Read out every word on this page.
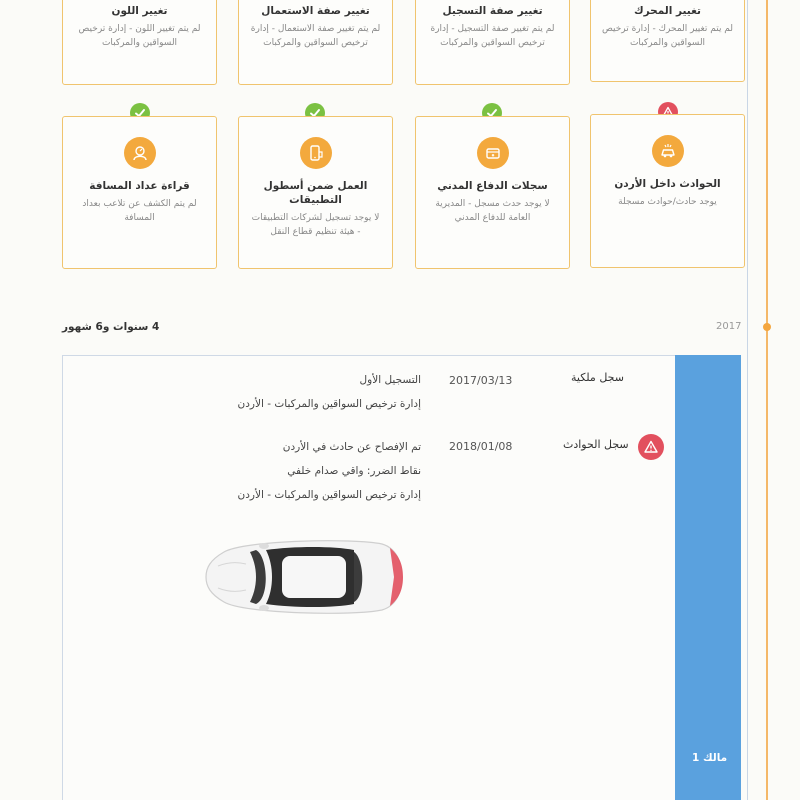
تغيير اللون
لم يتم تغيير اللون - إدارة ترخيص السواقين والمركبات
تغيير صفة الاستعمال
لم يتم تغيير صفة الاستعمال - إدارة ترخيص السواقين والمركبات
تغيير صفة التسجيل
لم يتم تغيير صفة التسجيل - إدارة ترخيص السواقين والمركبات
تغيير المحرك
لم يتم تغيير المحرك - إدارة ترخيص السواقين والمركبات
قراءة عداد المسافة
لم يتم الكشف عن تلاعب بعداد المسافة
العمل ضمن أسطول التطبيقات
لا يوجد تسجيل لشركات التطبيقات - هيئة تنظيم قطاع النقل
سجلات الدفاع المدني
لا يوجد حدث مسجل - المديرية العامة للدفاع المدني
الحوادث داخل الأردن
يوجد حادث/حوادث مسجلة
4 سنوات و6 شهور	2017
مالك 1
سجل ملكية
2017/03/13
التسجيل الأول
إدارة ترخيص السواقين والمركبات - الأردن
سجل الحوادث
2018/01/08
تم الإفصاح عن حادث في الأردن
نقاط الضرر: واقي صدام خلفي
إدارة ترخيص السواقين والمركبات - الأردن
